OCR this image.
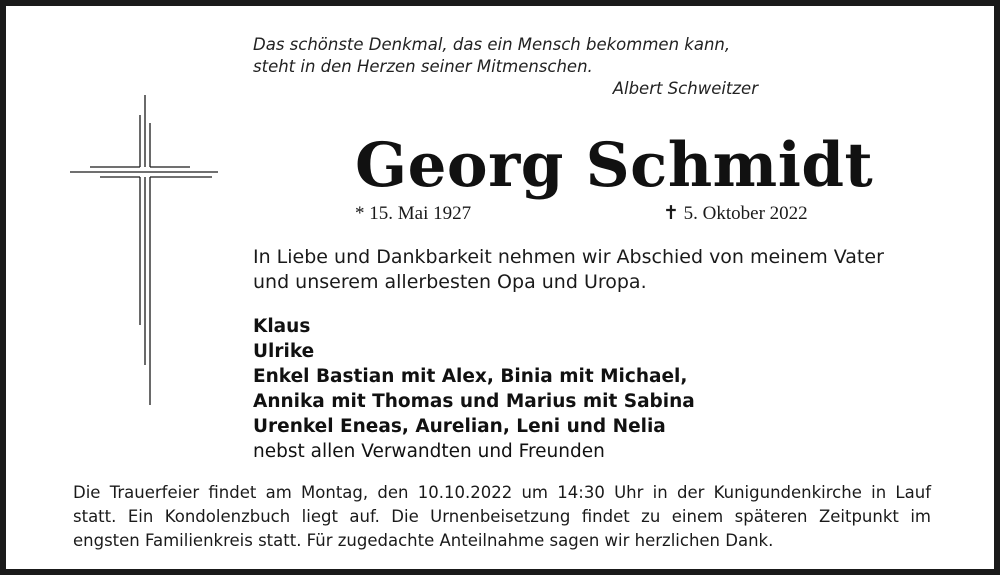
Das schönste Denkmal, das ein Mensch bekommen kann,
steht in den Herzen seiner Mitmenschen.
Albert Schweitzer
Georg Schmidt
* 15. Mai 1927	✝ 5. Oktober 2022
In Liebe und Dankbarkeit nehmen wir Abschied von meinem Vater
und unserem allerbesten Opa und Uropa.
Klaus
Ulrike
Enkel Bastian mit Alex, Binia mit Michael,
Annika mit Thomas und Marius mit Sabina
Urenkel Eneas, Aurelian, Leni und Nelia
nebst allen Verwandten und Freunden
Die Trauerfeier findet am Montag, den 10.10.2022 um 14:30 Uhr in der Kunigundenkirche in Lauf
statt. Ein Kondolenzbuch liegt auf. Die Urnenbeisetzung findet zu einem späteren Zeitpunkt im
engsten Familienkreis statt. Für zugedachte Anteilnahme sagen wir herzlichen Dank.
